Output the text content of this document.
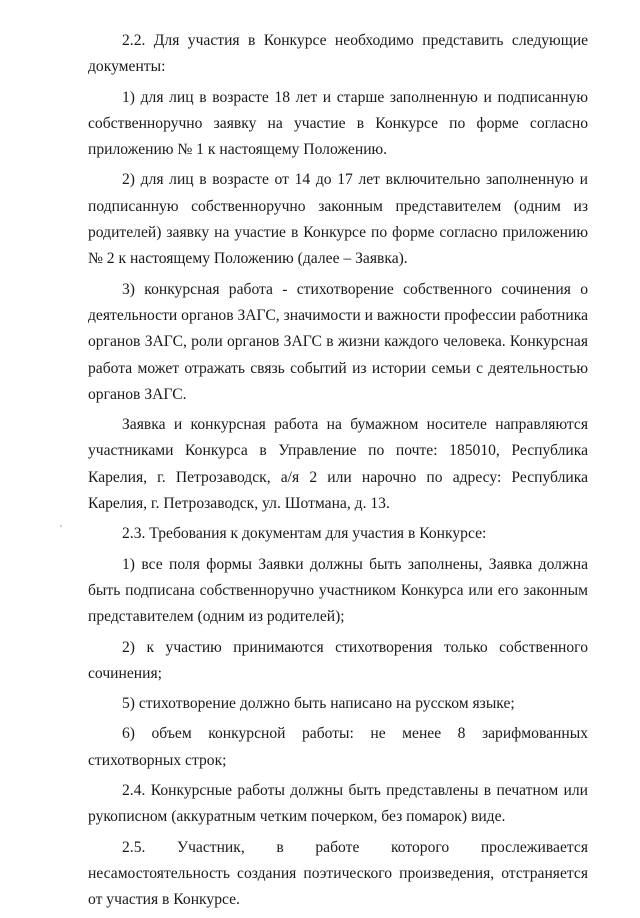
2.2. Для участия в Конкурсе необходимо представить следующие документы:

1) для лиц в возрасте 18 лет и старше заполненную и подписанную собственноручно заявку на участие в Конкурсе по форме согласно приложению № 1 к настоящему Положению.

2) для лиц в возрасте от 14 до 17 лет включительно заполненную и подписанную собственноручно законным представителем (одним из родителей) заявку на участие в Конкурсе по форме согласно приложению № 2 к настоящему Положению (далее – Заявка).

3) конкурсная работа - стихотворение собственного сочинения о деятельности органов ЗАГС, значимости и важности профессии работника органов ЗАГС, роли органов ЗАГС в жизни каждого человека. Конкурсная работа может отражать связь событий из истории семьи с деятельностью органов ЗАГС.

Заявка и конкурсная работа на бумажном носителе направляются участниками Конкурса в Управление по почте: 185010, Республика Карелия, г. Петрозаводск, а/я 2 или нарочно по адресу: Республика Карелия, г. Петрозаводск, ул. Шотмана, д. 13.

2.3. Требования к документам для участия в Конкурсе:

1) все поля формы Заявки должны быть заполнены, Заявка должна быть подписана собственноручно участником Конкурса или его законным представителем (одним из родителей);

2) к участию принимаются стихотворения только собственного сочинения;

5) стихотворение должно быть написано на русском языке;

6) объем конкурсной работы: не менее 8 зарифмованных стихотворных строк;

2.4. Конкурсные работы должны быть представлены в печатном или рукописном (аккуратным четким почерком, без помарок) виде.

2.5. Участник, в работе которого прослеживается несамостоятельность создания поэтического произведения, отстраняется от участия в Конкурсе.
